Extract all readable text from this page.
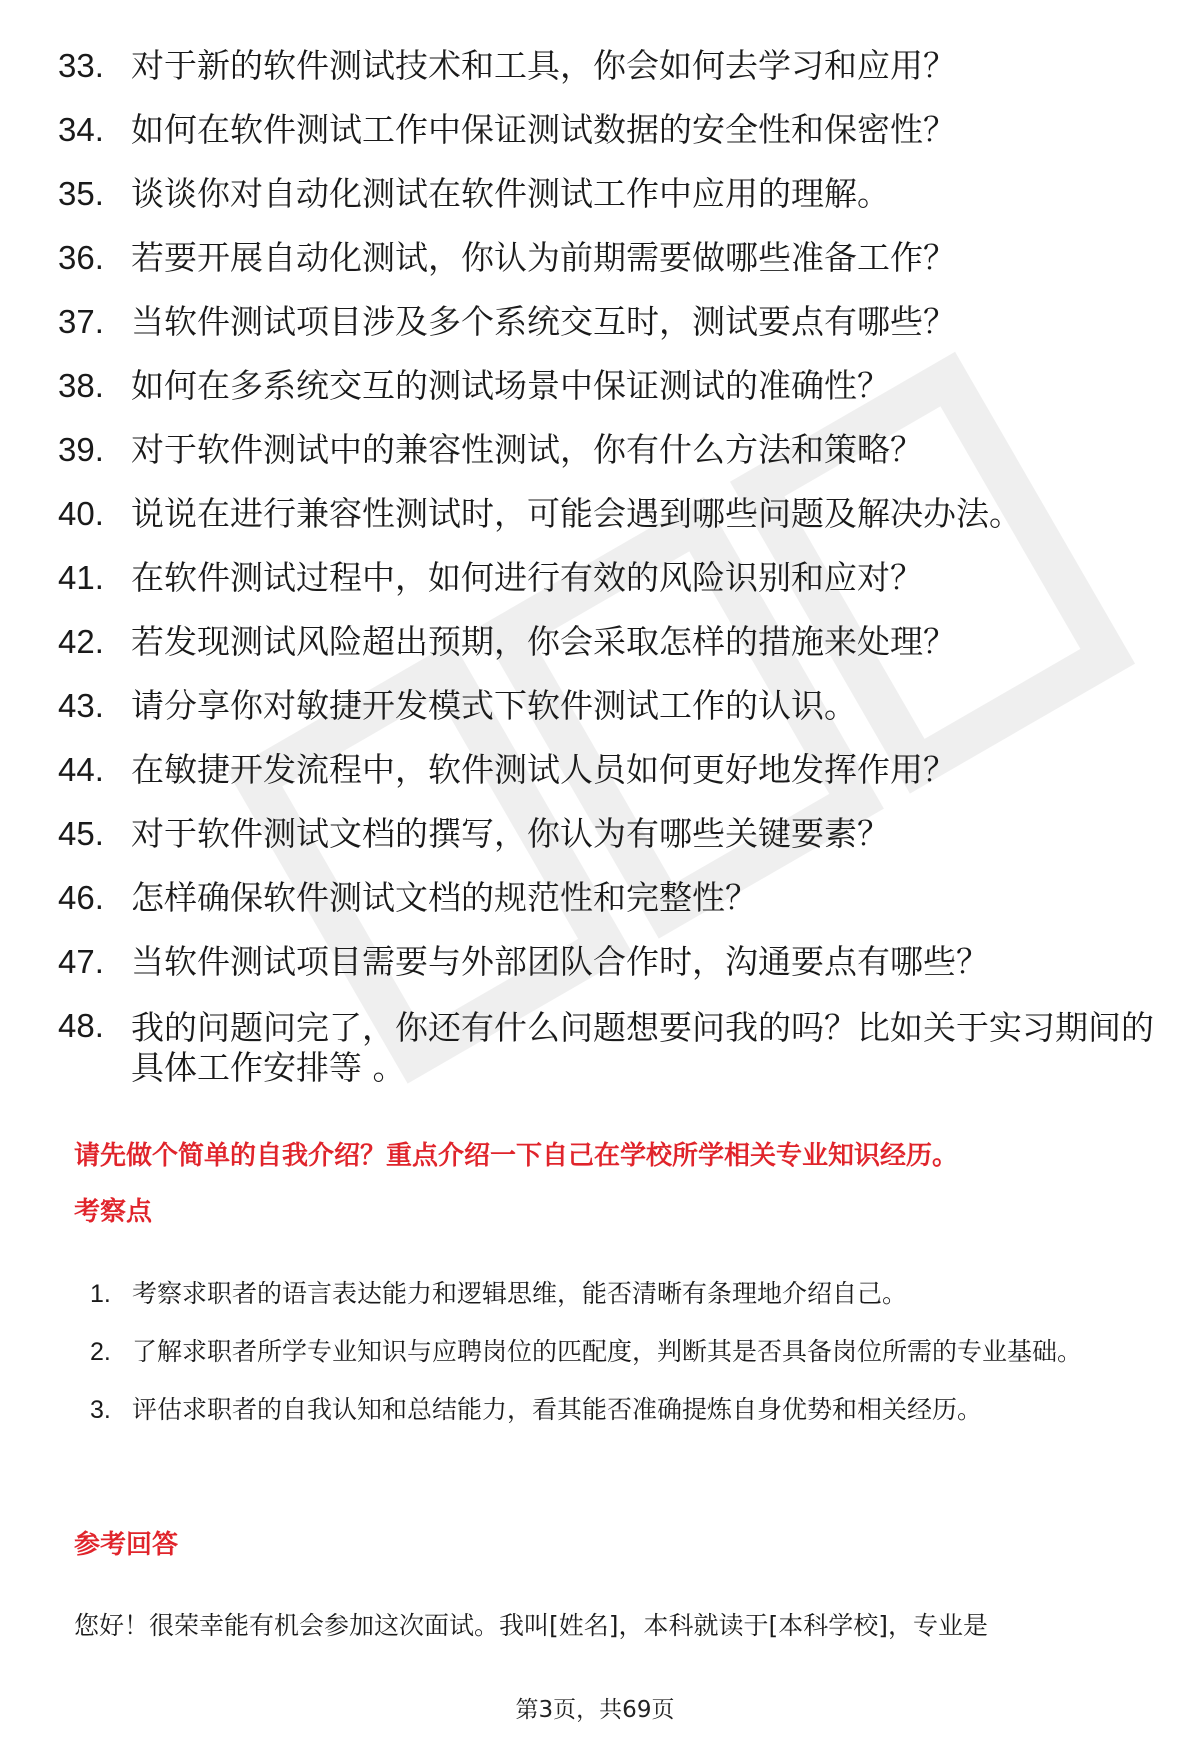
33. 对于新的软件测试技术和工具，你会如何去学习和应用？
34. 如何在软件测试工作中保证测试数据的安全性和保密性？
35. 谈谈你对自动化测试在软件测试工作中应用的理解。
36. 若要开展自动化测试，你认为前期需要做哪些准备工作？
37. 当软件测试项目涉及多个系统交互时，测试要点有哪些？
38. 如何在多系统交互的测试场景中保证测试的准确性？
39. 对于软件测试中的兼容性测试，你有什么方法和策略？
40. 说说在进行兼容性测试时，可能会遇到哪些问题及解决办法。
41. 在软件测试过程中，如何进行有效的风险识别和应对？
42. 若发现测试风险超出预期，你会采取怎样的措施来处理？
43. 请分享你对敏捷开发模式下软件测试工作的认识。
44. 在敏捷开发流程中，软件测试人员如何更好地发挥作用？
45. 对于软件测试文档的撰写，你认为有哪些关键要素？
46. 怎样确保软件测试文档的规范性和完整性？
47. 当软件测试项目需要与外部团队合作时，沟通要点有哪些？
48. 我的问题问完了，你还有什么问题想要问我的吗？比如关于实习期间的具体工作安排等 。
请先做个简单的自我介绍？重点介绍一下自己在学校所学相关专业知识经历。
考察点
1. 考察求职者的语言表达能力和逻辑思维，能否清晰有条理地介绍自己。
2. 了解求职者所学专业知识与应聘岗位的匹配度，判断其是否具备岗位所需的专业基础。
3. 评估求职者的自我认知和总结能力，看其能否准确提炼自身优势和相关经历。
参考回答
您好！很荣幸能有机会参加这次面试。我叫[姓名]，本科就读于[本科学校]，专业是
第3页，共69页
